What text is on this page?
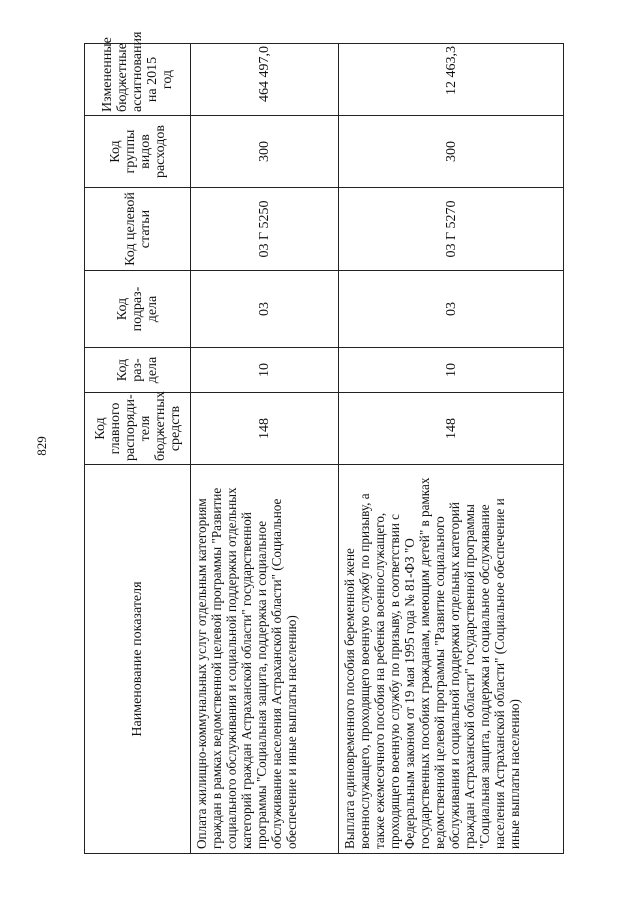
829
Наименование показателя	Код главного распоряди-теля бюджетных средств	Код раз-дела	Код подраз-дела	Код целевой статьи	Код группы видов расходов	Измененные бюджетные ассигнования на 2015 год
Оплата жилищно-коммунальных услуг отдельным категориям граждан в рамках ведомственной целевой программы "Развитие социального обслуживания и социальной поддержки отдельных категорий граждан Астраханской области" государственной программы "Социальная защита, поддержка и социальное обслуживание населения Астраханской области" (Социальное обеспечение и иные выплаты населению)	148	10	03	03 Г 5250	300	464 497,0
Выплата единовременного пособия беременной жене военнослужащего, проходящего военную службу по призыву, а также ежемесячного пособия на ребенка военнослужащего, проходящего военную службу по призыву, в соответствии с Федеральным законом от 19 мая 1995 года № 81-ФЗ "О государственных пособиях гражданам, имеющим детей" в рамках ведомственной целевой программы "Развитие социального обслуживания и социальной поддержки отдельных категорий граждан Астраханской области" государственной программы "Социальная защита, поддержка и социальное обслуживание населения Астраханской области" (Социальное обеспечение и иные выплаты населению)	148	10	03	03 Г 5270	300	12 463,3
